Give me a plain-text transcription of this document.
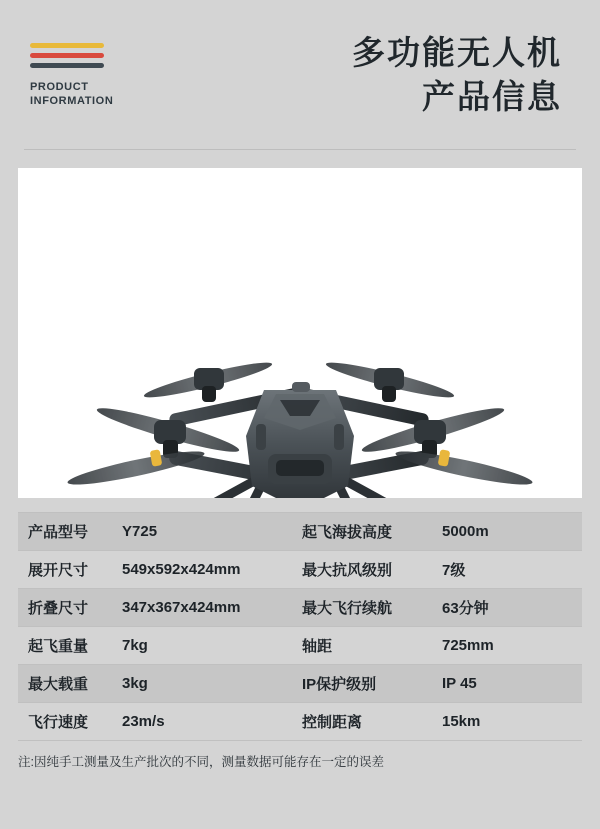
PRODUCT
INFORMATION
多功能无人机
产品信息
产品型号	Y725	起飞海拔高度	5000m
展开尺寸	549x592x424mm	最大抗风级别	7级
折叠尺寸	347x367x424mm	最大飞行续航	63分钟
起飞重量	7kg	轴距	725mm
最大载重	3kg	IP保护级别	IP 45
飞行速度	23m/s	控制距离	15km
注:因纯手工测量及生产批次的不同，测量数据可能存在一定的误差
